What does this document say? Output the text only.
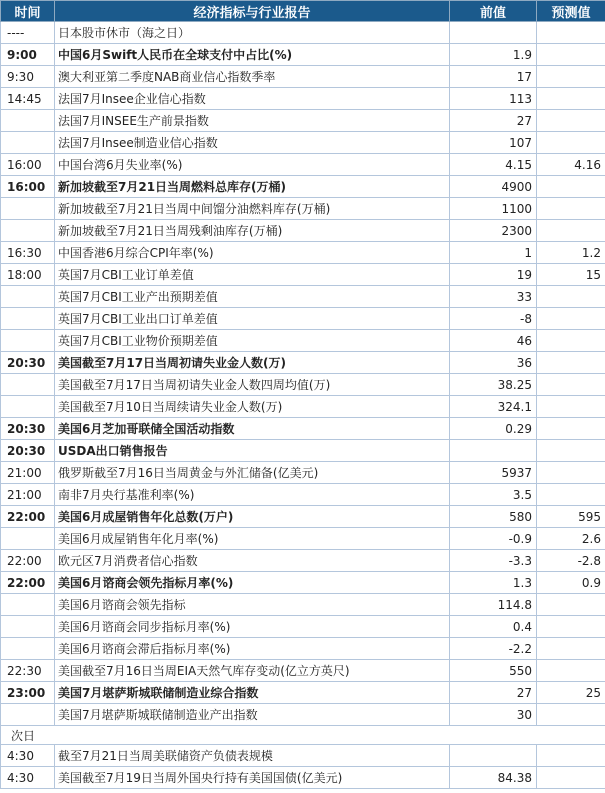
时间	经济指标与行业报告	前值	预测值
----	日本股市休市（海之日）		
9:00	中国6月Swift人民币在全球支付中占比(%)	1.9	
9:30	澳大利亚第二季度NAB商业信心指数季率	17	
14:45	法国7月Insee企业信心指数	113	
	法国7月INSEE生产前景指数	27	
	法国7月Insee制造业信心指数	107	
16:00	中国台湾6月失业率(%)	4.15	4.16
16:00	新加坡截至7月21日当周燃料总库存(万桶)	4900	
	新加坡截至7月21日当周中间馏分油燃料库存(万桶)	1100	
	新加坡截至7月21日当周残剩油库存(万桶)	2300	
16:30	中国香港6月综合CPI年率(%)	1	1.2
18:00	英国7月CBI工业订单差值	19	15
	英国7月CBI工业产出预期差值	33	
	英国7月CBI工业出口订单差值	-8	
	英国7月CBI工业物价预期差值	46	
20:30	美国截至7月17日当周初请失业金人数(万)	36	
	美国截至7月17日当周初请失业金人数四周均值(万)	38.25	
	美国截至7月10日当周续请失业金人数(万)	324.1	
20:30	美国6月芝加哥联储全国活动指数	0.29	
20:30	USDA出口销售报告		
21:00	俄罗斯截至7月16日当周黄金与外汇储备(亿美元)	5937	
21:00	南非7月央行基准利率(%)	3.5	
22:00	美国6月成屋销售年化总数(万户)	580	595
	美国6月成屋销售年化月率(%)	-0.9	2.6
22:00	欧元区7月消费者信心指数	-3.3	-2.8
22:00	美国6月谘商会领先指标月率(%)	1.3	0.9
	美国6月谘商会领先指标	114.8	
	美国6月谘商会同步指标月率(%)	0.4	
	美国6月谘商会滞后指标月率(%)	-2.2	
22:30	美国截至7月16日当周EIA天然气库存变动(亿立方英尺)	550	
23:00	美国7月堪萨斯城联储制造业综合指数	27	25
	美国7月堪萨斯城联储制造业产出指数	30	
次日			
4:30	截至7月21日当周美联储资产负债表规模		
4:30	美国截至7月19日当周外国央行持有美国国债(亿美元)	84.38	
